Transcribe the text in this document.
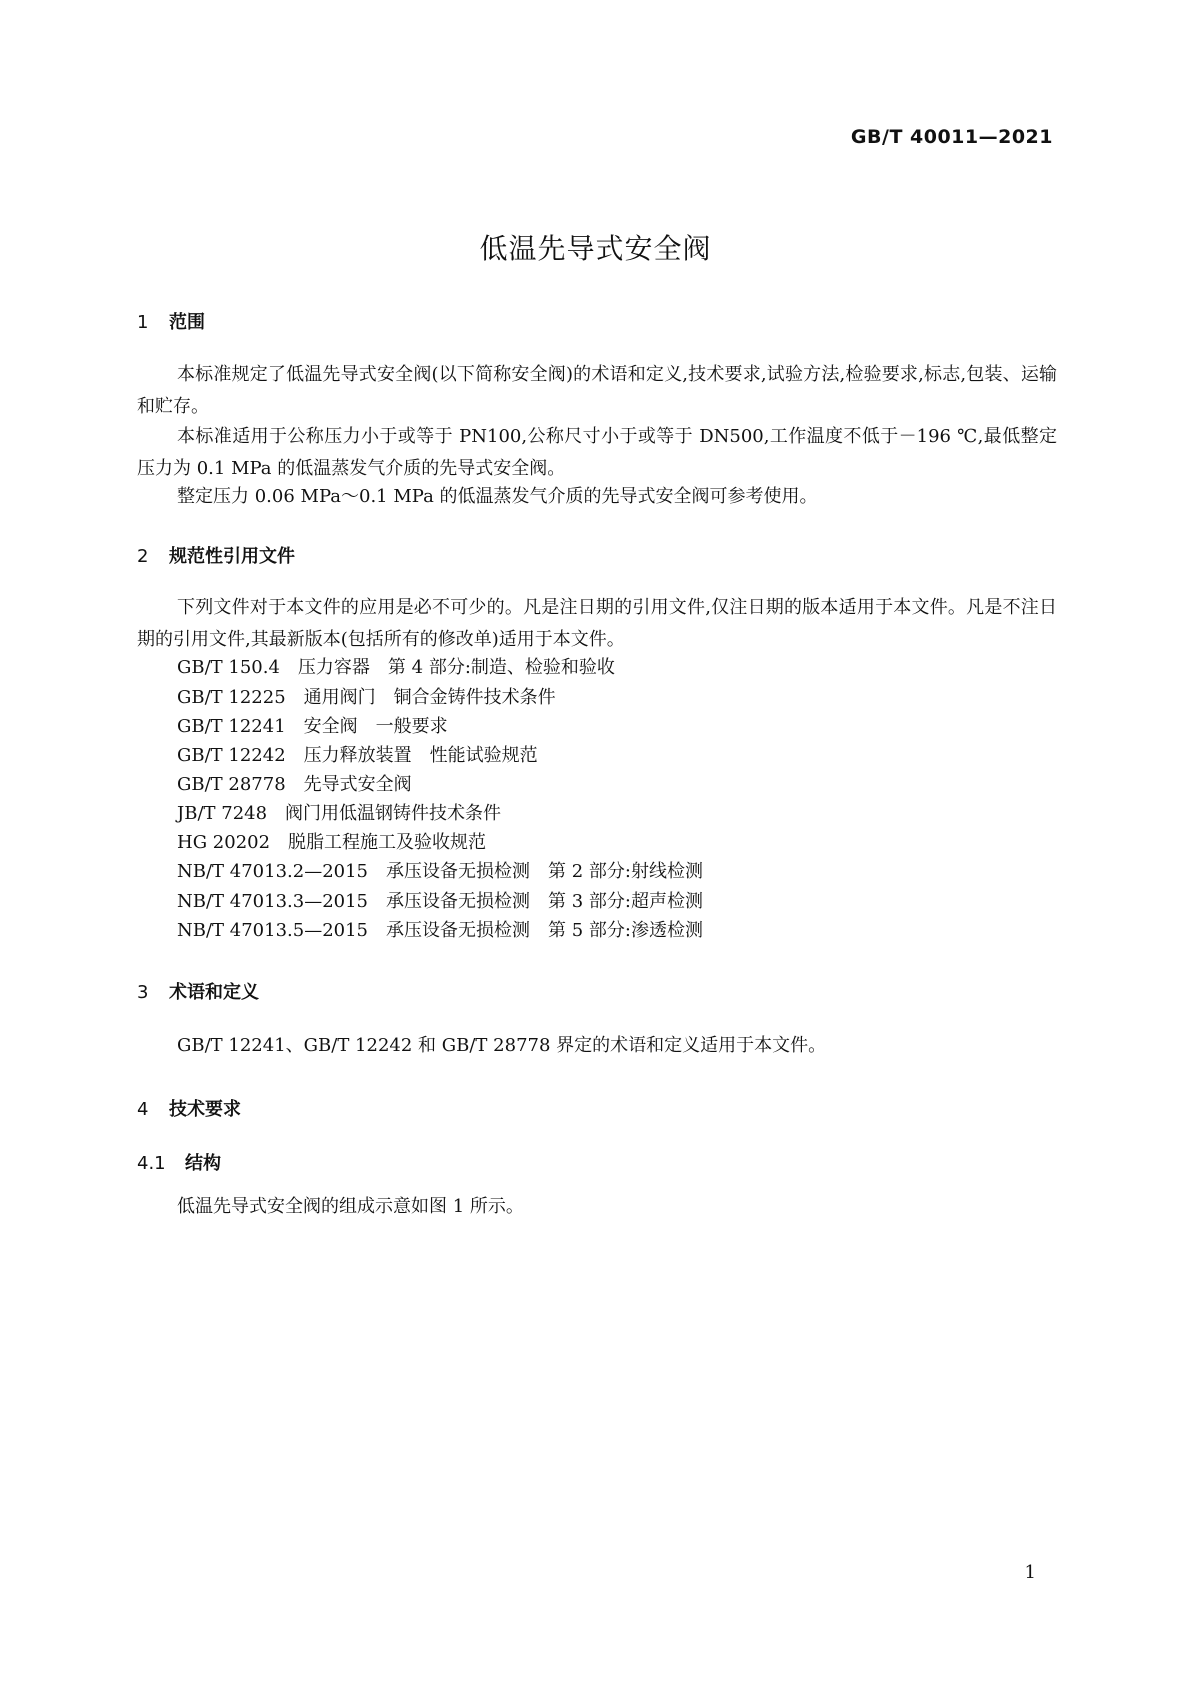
GB/T 40011—2021
低温先导式安全阀
1 范围
本标准规定了低温先导式安全阀(以下简称安全阀)的术语和定义,技术要求,试验方法,检验要求,标志,包装、运输和贮存。
本标准适用于公称压力小于或等于 PN100,公称尺寸小于或等于 DN500,工作温度不低于－196 ℃,最低整定压力为 0.1 MPa 的低温蒸发气介质的先导式安全阀。
整定压力 0.06 MPa～0.1 MPa 的低温蒸发气介质的先导式安全阀可参考使用。
2 规范性引用文件
下列文件对于本文件的应用是必不可少的。凡是注日期的引用文件,仅注日期的版本适用于本文件。凡是不注日期的引用文件,其最新版本(包括所有的修改单)适用于本文件。
GB/T 150.4　压力容器　第 4 部分:制造、检验和验收
GB/T 12225　通用阀门　铜合金铸件技术条件
GB/T 12241　安全阀　一般要求
GB/T 12242　压力释放装置　性能试验规范
GB/T 28778　先导式安全阀
JB/T 7248　阀门用低温钢铸件技术条件
HG 20202　脱脂工程施工及验收规范
NB/T 47013.2—2015　承压设备无损检测　第 2 部分:射线检测
NB/T 47013.3—2015　承压设备无损检测　第 3 部分:超声检测
NB/T 47013.5—2015　承压设备无损检测　第 5 部分:渗透检测
3 术语和定义
GB/T 12241、GB/T 12242 和 GB/T 28778 界定的术语和定义适用于本文件。
4 技术要求
4.1 结构
低温先导式安全阀的组成示意如图 1 所示。
1
